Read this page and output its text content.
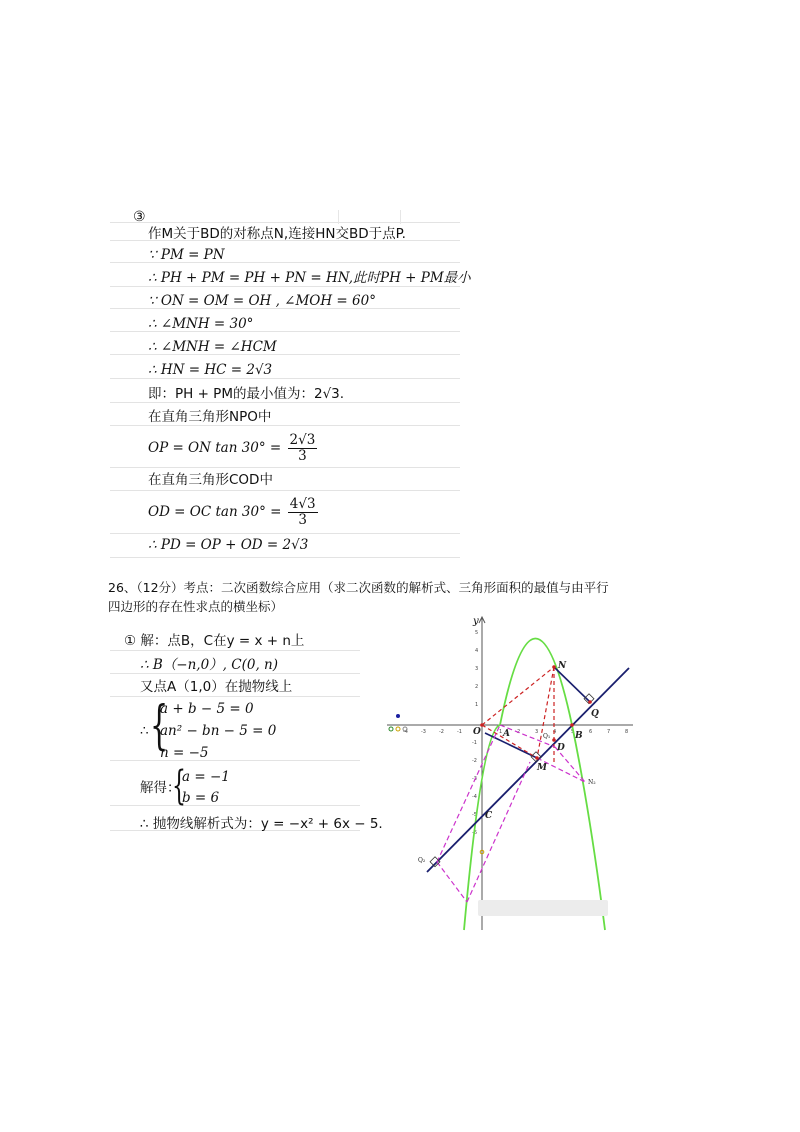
③
作M关于BD的对称点N,连接HN交BD于点P.
∵ PM = PN
∴ PH + PM = PH + PN = HN,此时PH + PM最小
∵ ON = OM = OH , ∠MOH = 60°
∴ ∠MNH = 30°
∴ ∠MNH = ∠HCM
∴ HN = HC = 2√3
即：PH + PM的最小值为：2√3.
在直角三角形NPO中
OP = ON $\tan 30^\circ = \frac{2√3}{3}$
在直角三角形COD中
OD = OC $\tan 30^\circ = \frac{4√3}{3}$
∴ PD = OP + OD = 2√3
26、（12分）考点：二次函数综合应用（求二次函数的解析式、三角形面积的最值与由平行
四边形的存在性求点的横坐标）
① 解：点B，C在y = x + n上
∴ B（−n,0）, C(0, n)
又点A（1,0）在抛物线上
∴ {
a + b − 5 = 0
an² − bn − 5 = 0
n = −5
解得：
{
a = −1
b = 6
∴ 抛物线解析式为：y = −x² + 6x − 5.
y
-4	-3	-2	-1	1	2	3	4	5	6	7	8
5
4
3
2
1
-1
-2
-3
-4
-5
-6
N
Q
O A	B
D
M
C
Q₁
N₂
Q₂
